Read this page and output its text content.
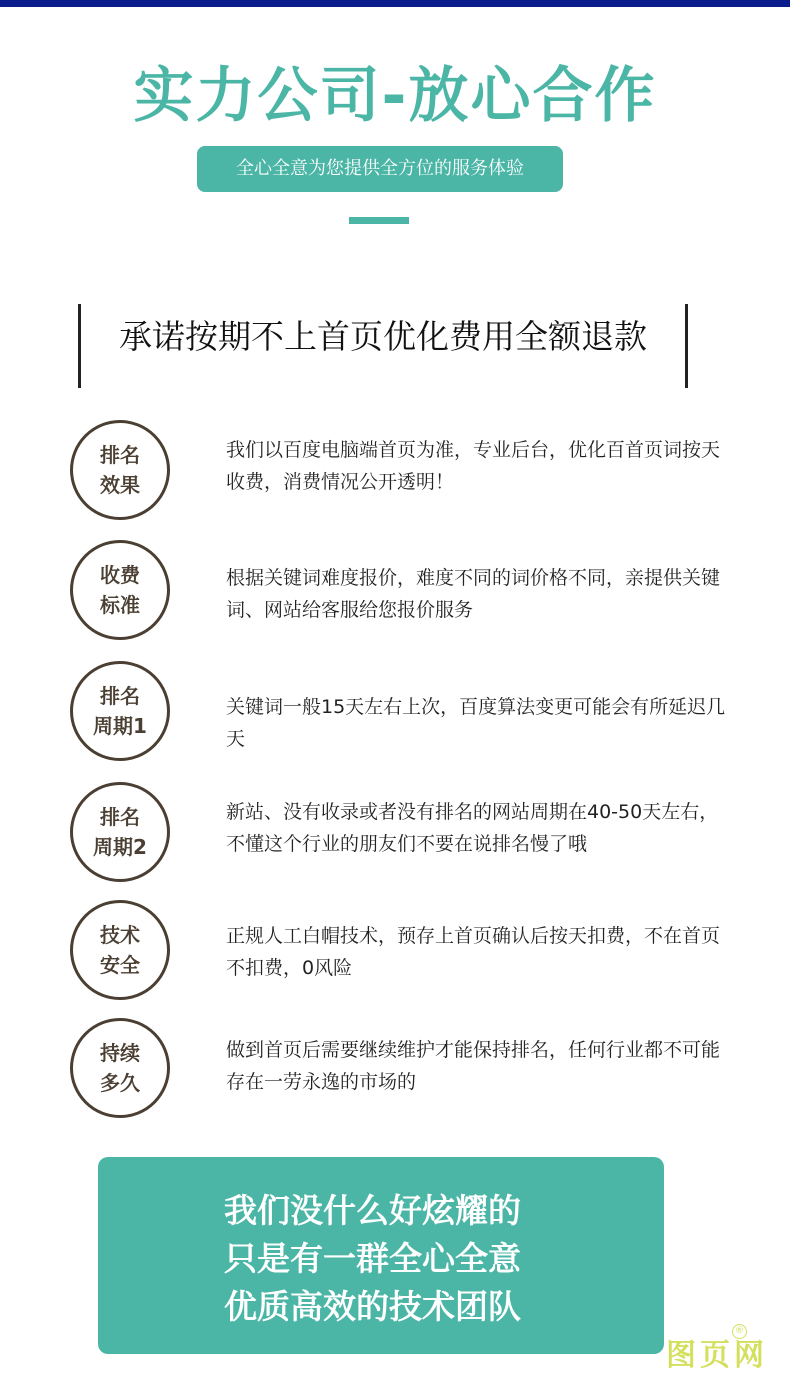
实力公司-放心合作
全心全意为您提供全方位的服务体验
承诺按期不上首页优化费用全额退款
排名
效果
我们以百度电脑端首页为准，专业后台，优化百首页词按天收费，消费情况公开透明！
收费
标准
根据关键词难度报价，难度不同的词价格不同，亲提供关键词、网站给客服给您报价服务
排名
周期1
关键词一般15天左右上次，百度算法变更可能会有所延迟几天
排名
周期2
新站、没有收录或者没有排名的网站周期在40-50天左右，不懂这个行业的朋友们不要在说排名慢了哦
技术
安全
正规人工白帽技术，预存上首页确认后按天扣费，不在首页不扣费，0风险
持续
多久
做到首页后需要继续维护才能保持排名，任何行业都不可能存在一劳永逸的市场的
我们没什么好炫耀的
只是有一群全心全意
优质高效的技术团队
图页网
®
